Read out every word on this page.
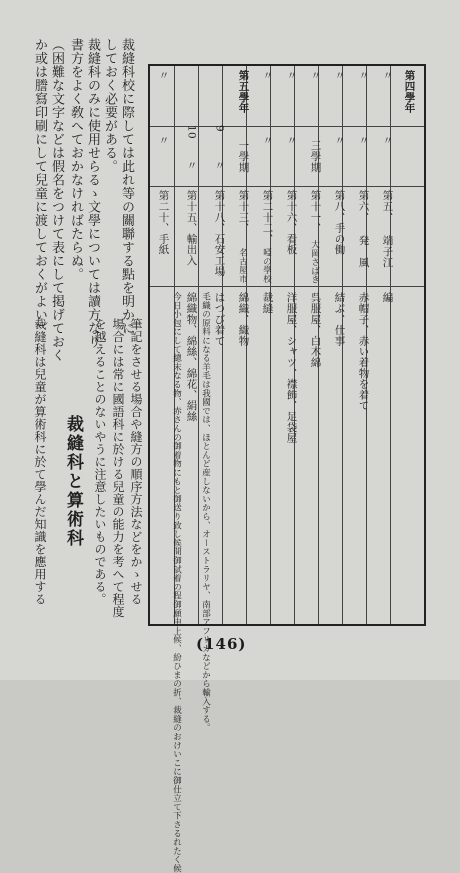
裁縫科校に際しては此れ等の關聯する點を明かに
しておく必要がある。
裁縫科のみに使用せらるゝ文學については讀方なり
書方をよく敎へておかなければたらぬ。
（困難な文字などは假名をつけて表にして掲げておく
か或は謄寫印刷にして兒童に渡しておくがよい）	第四學年
〃
〃
第五、
端子江
編
〃
〃
第六、
発　風
赤帽子、赤い着物を着て
〃
〃
第八、手の働
結ぶ、仕事
〃
三學期
第十一、
大岡さばき
呉服屋、白木綿
〃
〃
第十六、看板
洋服屋、シャツ、襟飾、足袋屋
〃
〃
第二十二、
啞の學校
裁縫
第五學年
一學期
第十三、
名古屋市
綿織、織物
9
〃
第十八、石安工場
はつび着て
毛織の原料になる羊毛は我國では、ほとんど産しないから、オーストラリヤ、南部アフリカなどから輸入する。
10
〃
第十五、輸出入
綿織物、綿絲、綿花、絹絲
今日小包にして總末なる物、赤さんの御着物にもと御送り致し候間御試着の程御願申上候、紛ひまの折、裁縫のおけいこに御仕立て下さるれたく候
〃
〃
第二十、手紙
筆記をさせる場合や縫方の順序方法などをかゝせる
場合には常に國語科に於ける兒童の能力を考へて程度
を越えることのないやうに注意したいものである。
裁縫科と算術科
裁縫科は兒童が算術科に於て學んだ知識を應用する
(146)
